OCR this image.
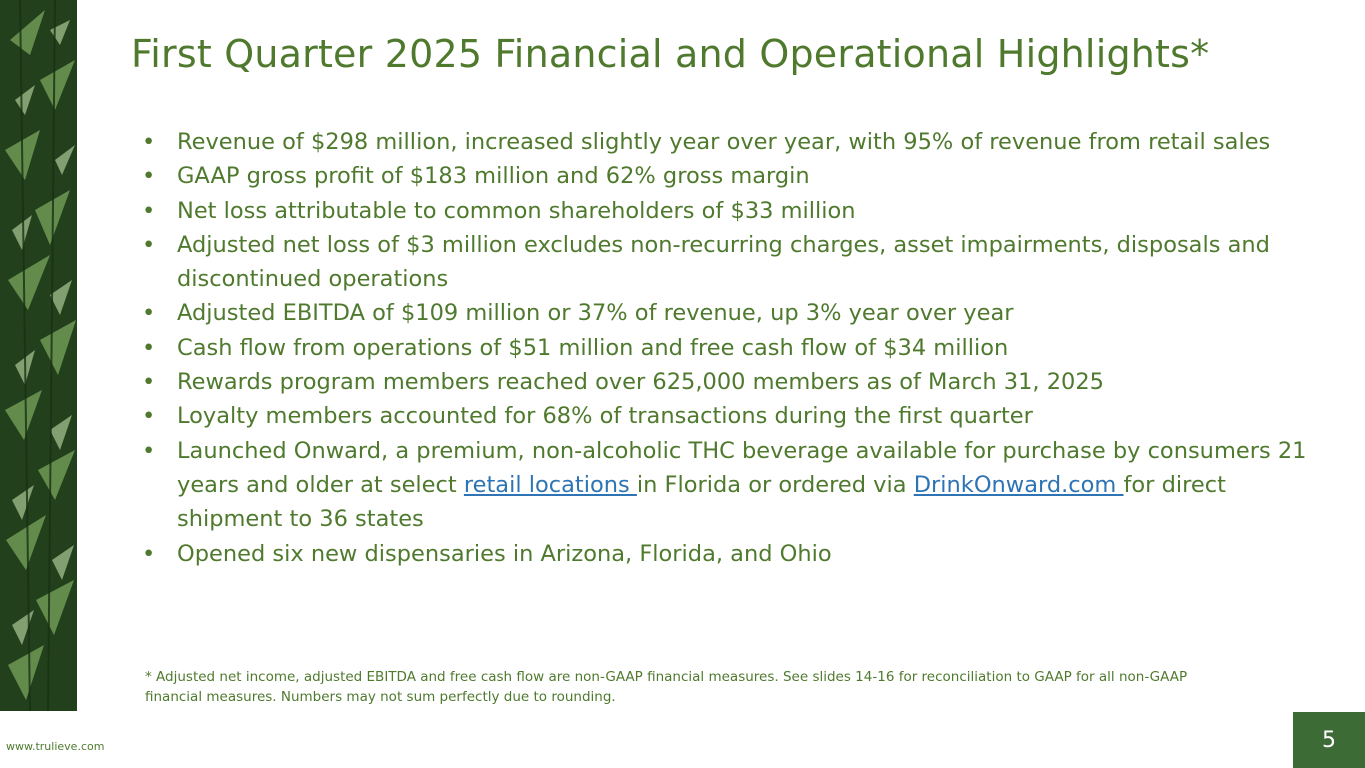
First Quarter 2025 Financial and Operational Highlights*
• Revenue of $298 million, increased slightly year over year, with 95% of revenue from retail sales
• GAAP gross profit of $183 million and 62% gross margin
• Net loss attributable to common shareholders of $33 million
• Adjusted net loss of $3 million excludes non-recurring charges, asset impairments, disposals and discontinued operations
• Adjusted EBITDA of $109 million or 37% of revenue, up 3% year over year
• Cash flow from operations of $51 million and free cash flow of $34 million
• Rewards program members reached over 625,000 members as of March 31, 2025
• Loyalty members accounted for 68% of transactions during the first quarter
• Launched Onward, a premium, non-alcoholic THC beverage available for purchase by consumers 21 years and older at select retail locations in Florida or ordered via DrinkOnward.com for direct shipment to 36 states
• Opened six new dispensaries in Arizona, Florida, and Ohio
* Adjusted net income, adjusted EBITDA and free cash flow are non-GAAP financial measures. See slides 14-16 for reconciliation to GAAP for all non-GAAP financial measures. Numbers may not sum perfectly due to rounding.
www.trulieve.com	5
